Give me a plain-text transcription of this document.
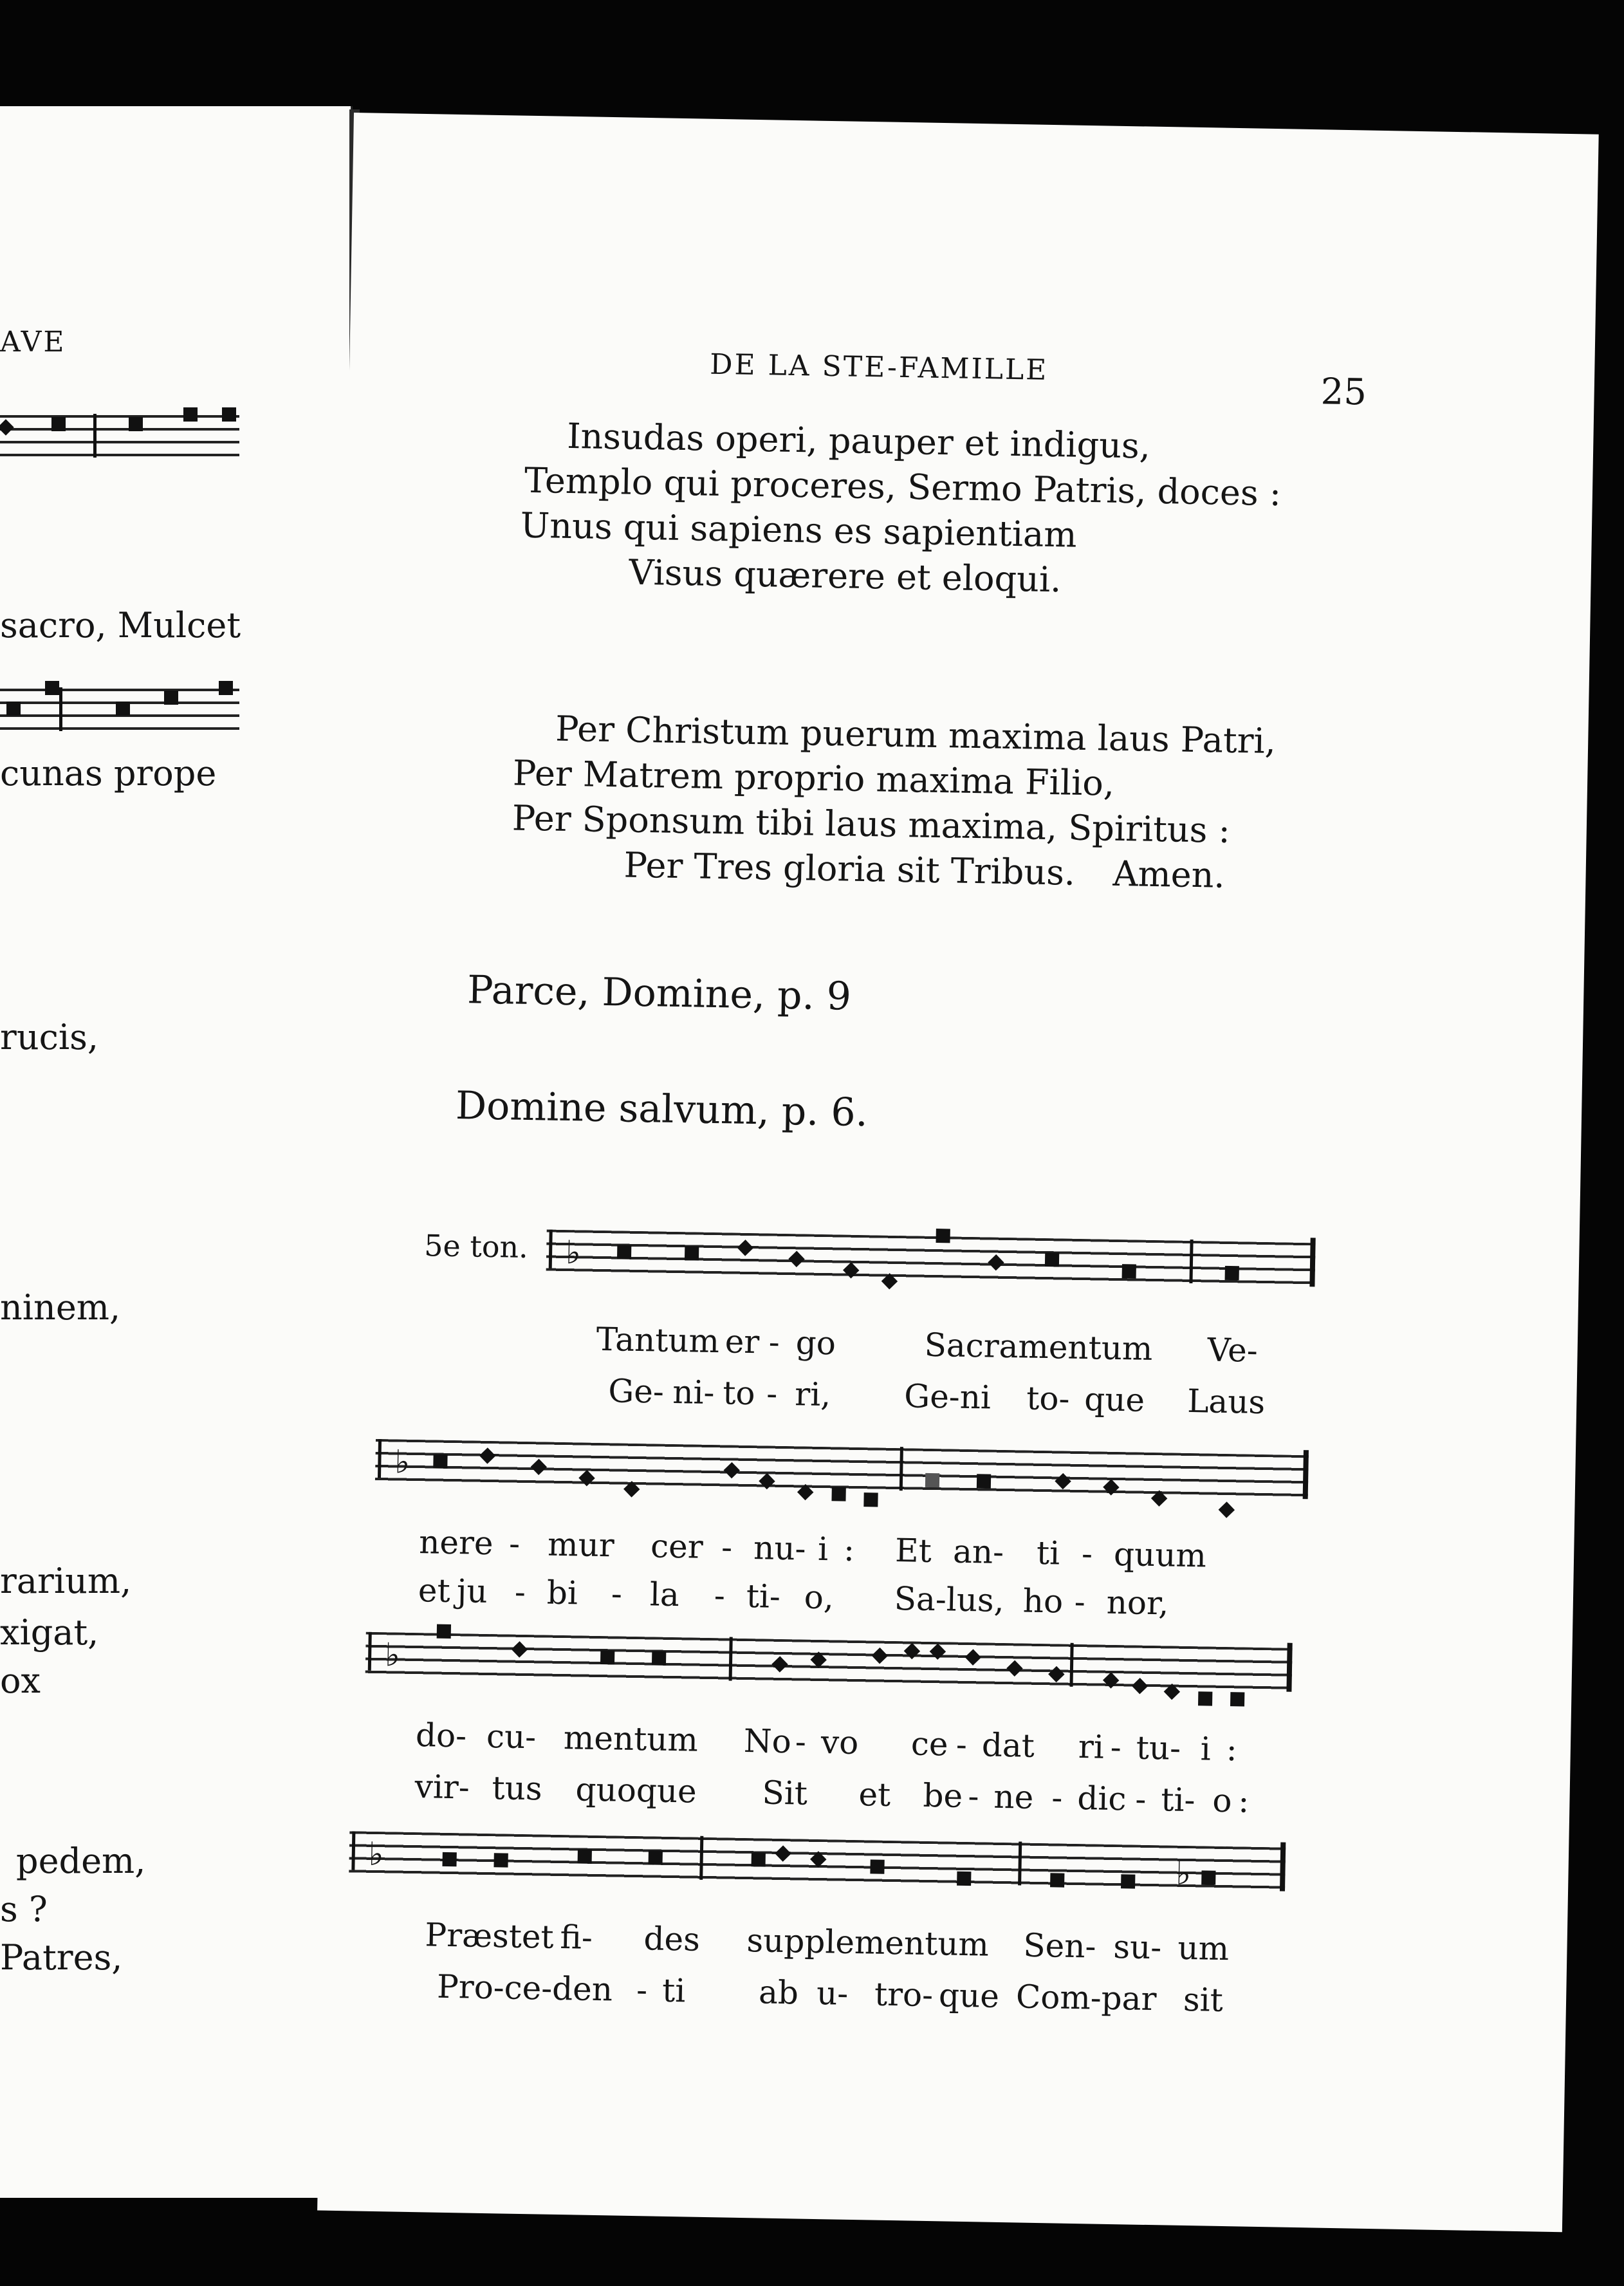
AVE
sacro, Mulcet
cunas prope
rucis,
ninem,
rarium,
xigat,
ox
pedem,
s ?
Patres,
DE LA STE-FAMILLE
25
Insudas operi, pauper et indigus,
Templo qui proceres, Sermo Patris, doces :
Unus qui sapiens es sapientiam
Visus quærere et eloqui.
Per Christum puerum maxima laus Patri,
Per Matrem proprio maxima Filio,
Per Sponsum tibi laus maxima, Spiritus :
Per Tres gloria sit Tribus. Amen.
Parce, Domine, p. 9
Domine salvum, p. 6.
5e ton. ♭
Tantum er - go	Sacramentum Ve-
Ge- ni- to - ri, Ge-ni to- que Laus
♭
nere - mur cer - nu- i : Et an- ti - quum
et ju - bi - la - ti- o, Sa-lus, ho - nor,
♭
do- cu- mentum No - vo ce - dat ri - tu- i :
vir- tus quoque Sit et be - ne - dic - ti- o :
♭
♭
Præstet fi- des supplementum Sen- su- um
Pro-ce-den - ti ab u- tro- que Com-par sit
